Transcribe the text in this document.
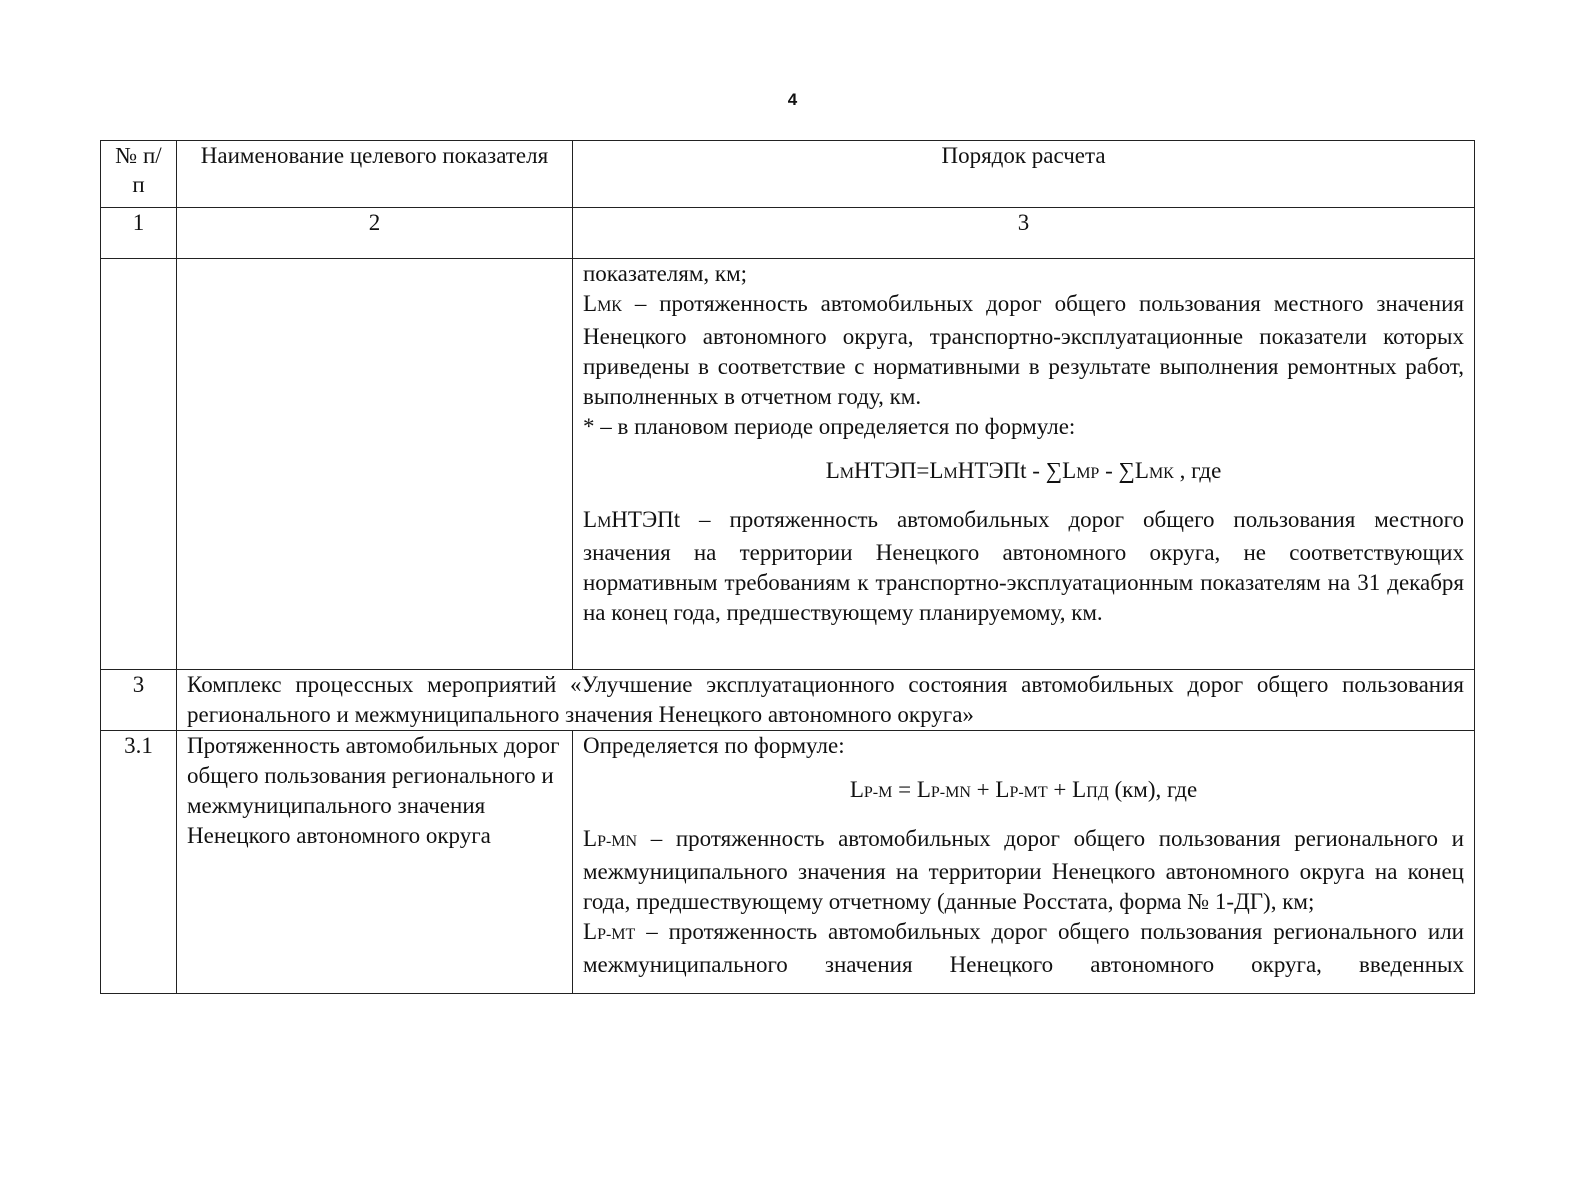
4
№ п/п	Наименование целевого показателя	Порядок расчета
1	2	3

		показателям, км;
LМК – протяженность автомобильных дорог общего пользования местного значения Ненецкого автономного округа, транспортно-эксплуатационные показатели которых приведены в соответствие с нормативными в результате выполнения ремонтных работ, выполненных в отчетном году, км.
* – в плановом периоде определяется по формуле:
LМНТЭП=LМНТЭПt - ∑LМР - ∑LМК , где
LМНТЭПt – протяженность автомобильных дорог общего пользования местного значения на территории Ненецкого автономного округа, не соответствующих нормативным требованиям к транспортно-эксплуатационным показателям на 31 декабря на конец года, предшествующему планируемому, км.

3	Комплекс процессных мероприятий «Улучшение эксплуатационного состояния автомобильных дорог общего пользования регионального и межмуниципального значения Ненецкого автономного округа»	
3.1	Протяженность автомобильных дорог общего пользования регионального и межмуниципального значения Ненецкого автономного округа	Определяется по формуле:
LР-М = LР-MN + LР-МТ + LПД (км), где
LР-MN – протяженность автомобильных дорог общего пользования регионального и межмуниципального значения на территории Ненецкого автономного округа на конец года, предшествующему отчетному (данные Росстата, форма № 1-ДГ), км;
LР-МТ – протяженность автомобильных дорог общего пользования регионального или межмуниципального значения Ненецкого автономного округа, введенных
